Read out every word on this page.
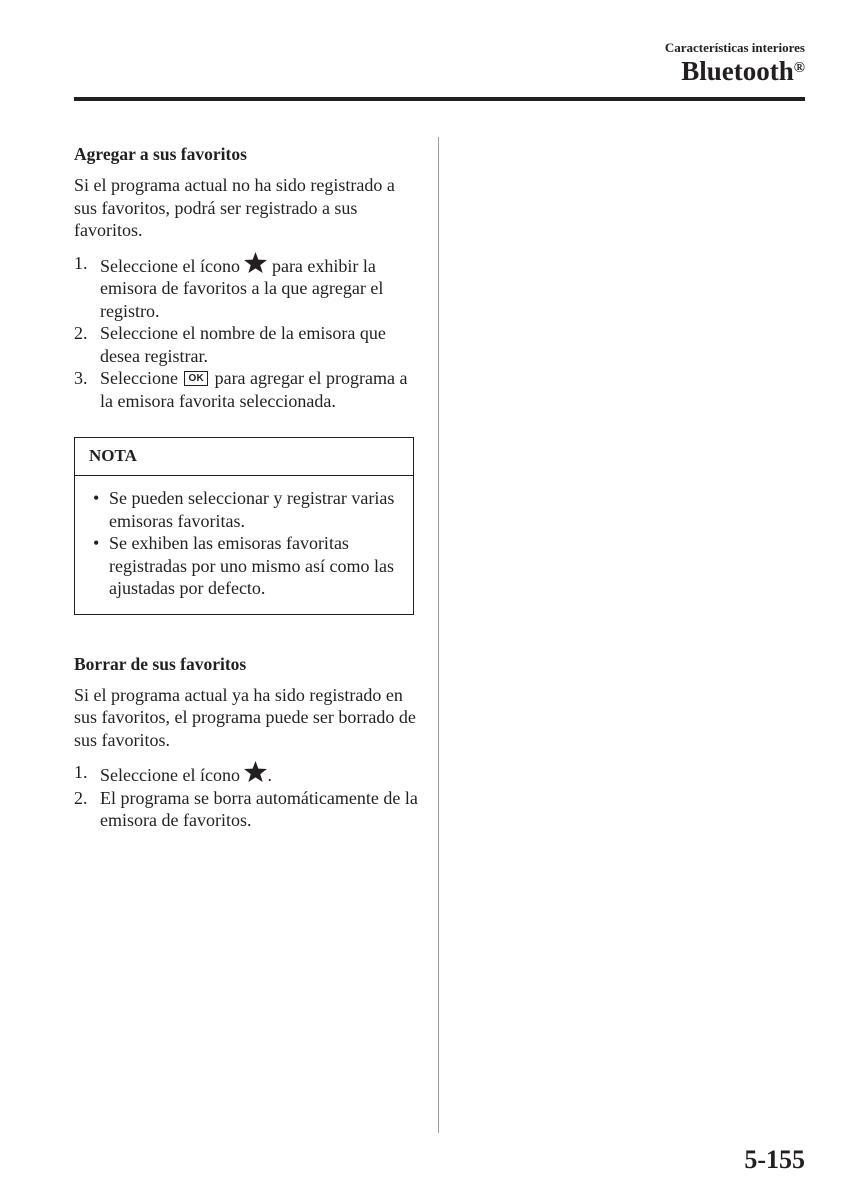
Características interiores
Bluetooth®

Agregar a sus favoritos

Si el programa actual no ha sido registrado a sus favoritos, podrá ser registrado a sus favoritos.

1. Seleccione el ícono para exhibir la emisora de favoritos a la que agregar el registro.
2. Seleccione el nombre de la emisora que desea registrar.
3. Seleccione OK para agregar el programa a la emisora favorita seleccionada.
NOTA
• Se pueden seleccionar y registrar varias emisoras favoritas.
• Se exhiben las emisoras favoritas registradas por uno mismo así como las ajustadas por defecto.

Borrar de sus favoritos

Si el programa actual ya ha sido registrado en sus favoritos, el programa puede ser borrado de sus favoritos.

1. Seleccione el ícono .
2. El programa se borra automáticamente de la emisora de favoritos.
5-155
